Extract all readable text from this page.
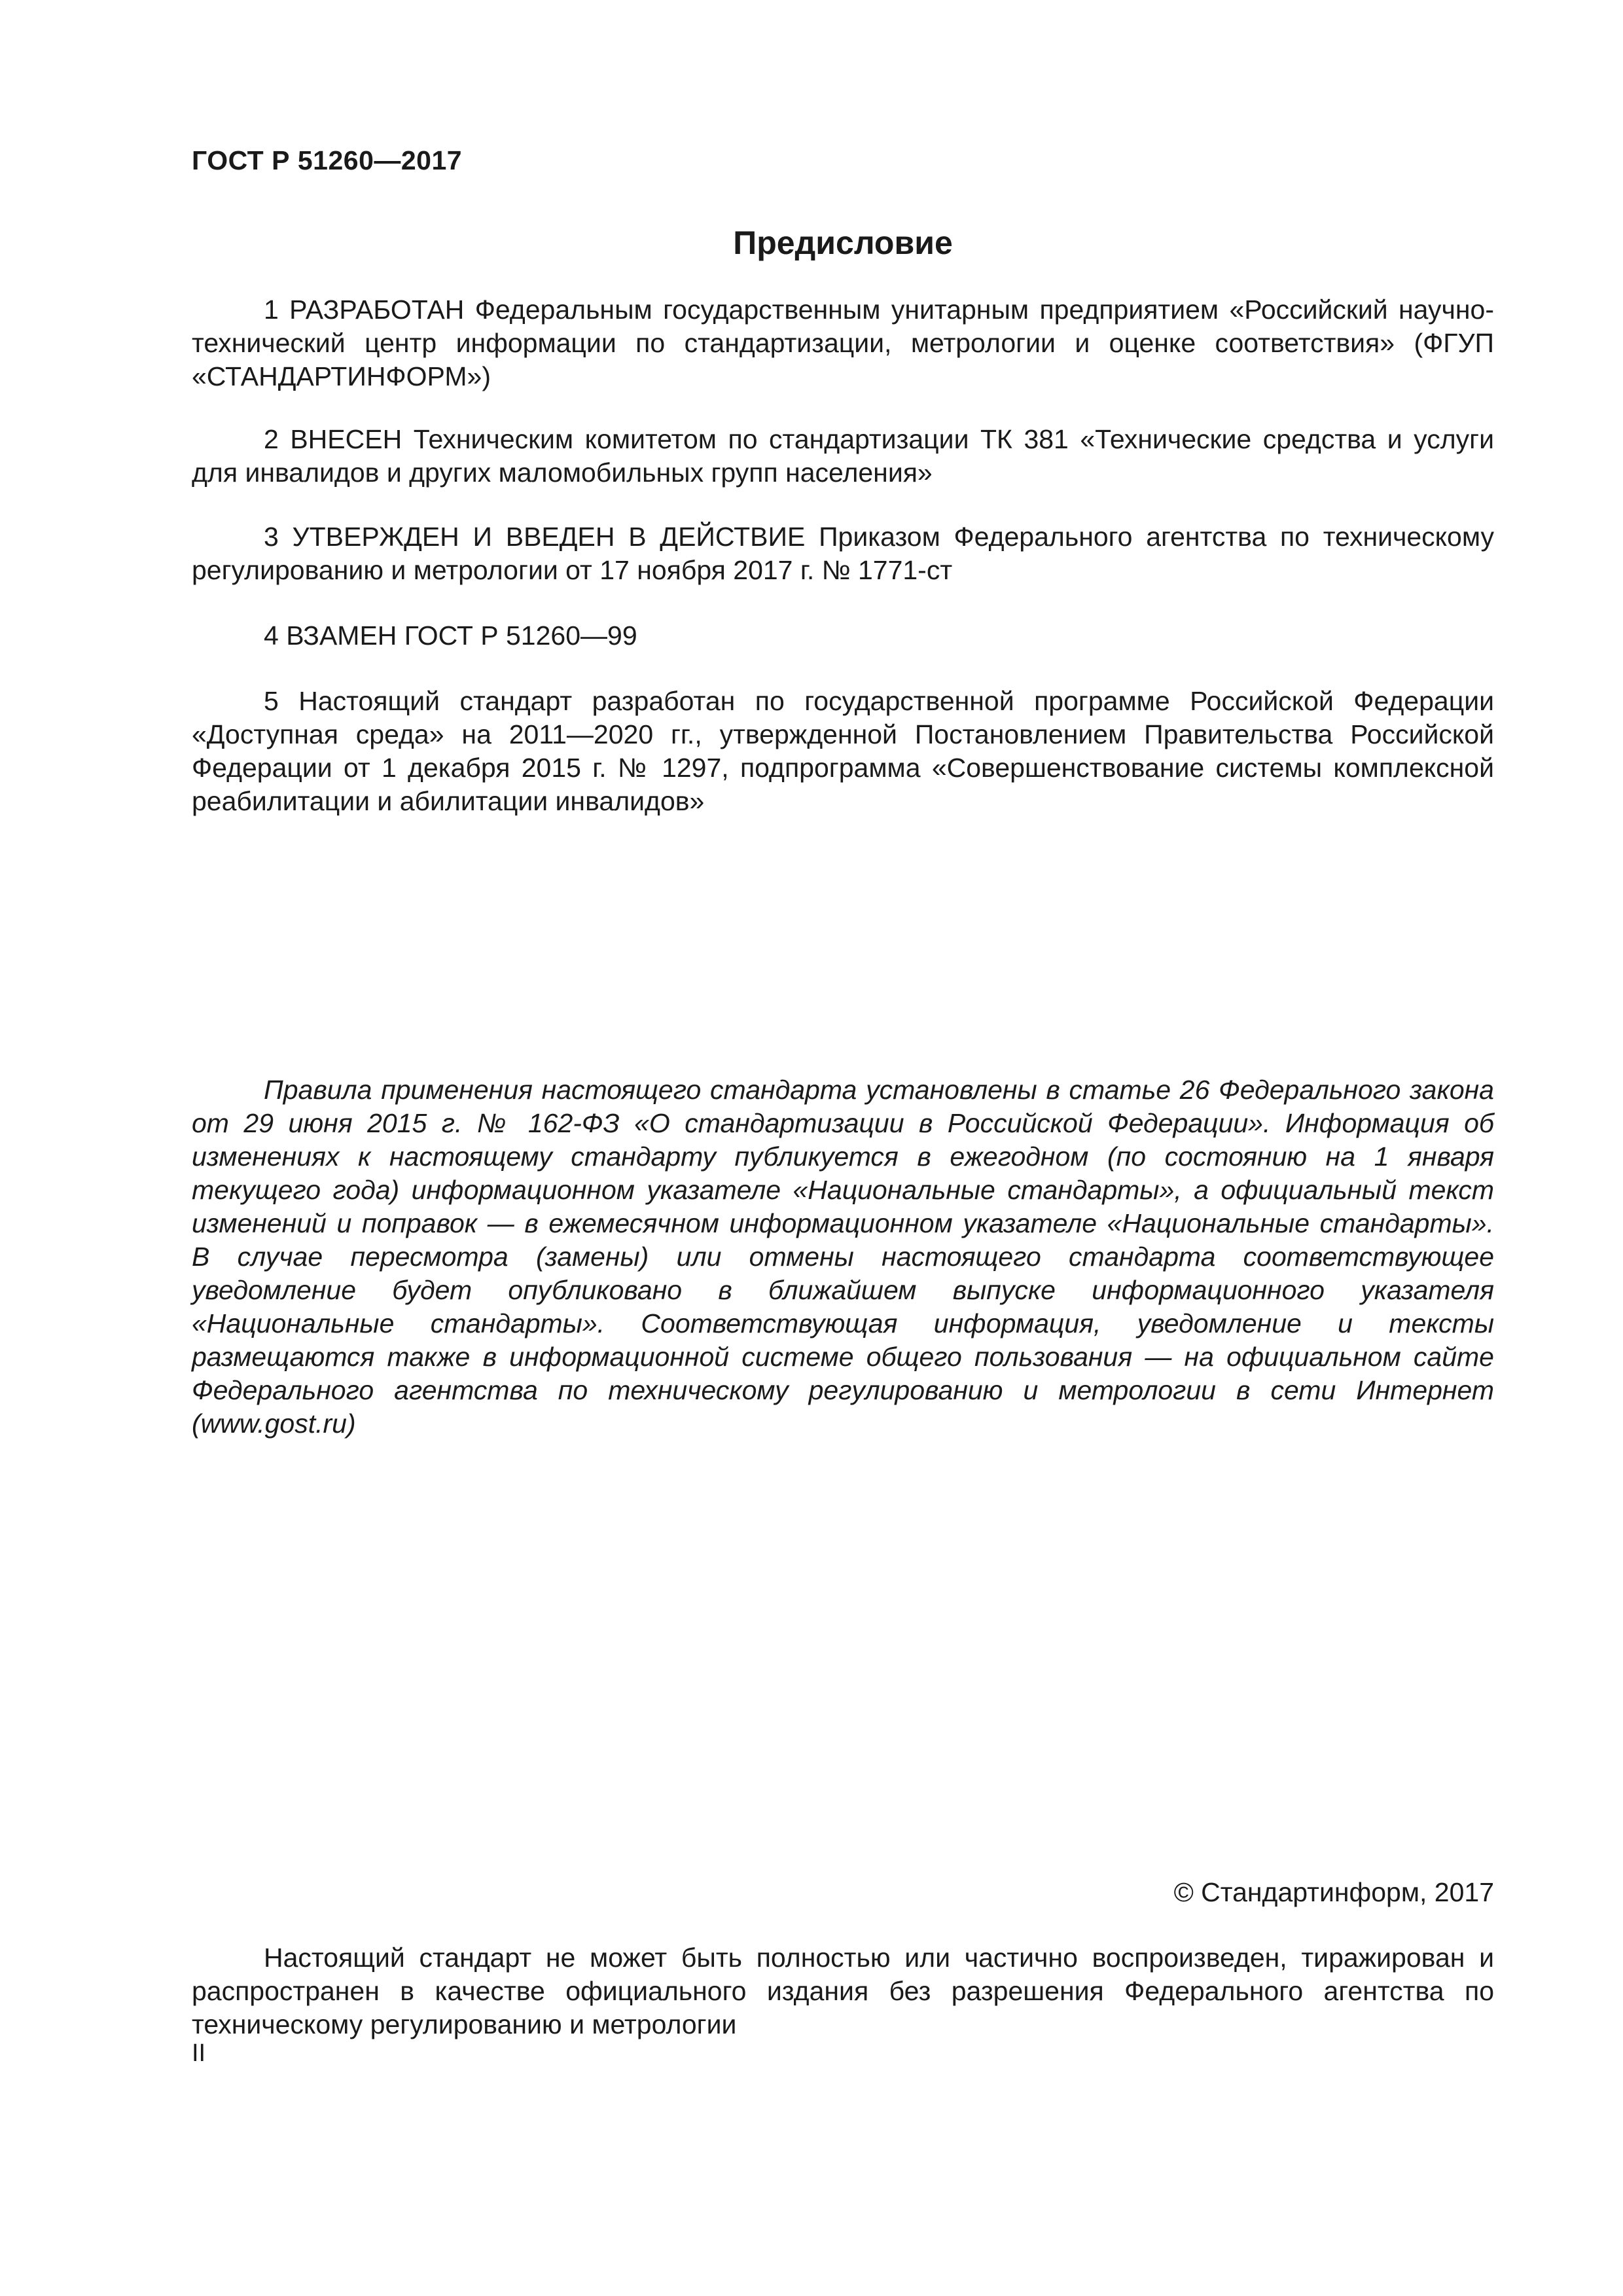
ГОСТ Р 51260—2017
Предисловие

1 РАЗРАБОТАН Федеральным государственным унитарным предприятием «Российский научно-технический центр информации по стандартизации, метрологии и оценке соответствия» (ФГУП «СТАНДАРТИНФОРМ»)

2 ВНЕСЕН Техническим комитетом по стандартизации ТК 381 «Технические средства и услуги для инвалидов и других маломобильных групп населения»

3 УТВЕРЖДЕН И ВВЕДЕН В ДЕЙСТВИЕ Приказом Федерального агентства по техническому регулированию и метрологии от 17 ноября 2017 г. № 1771-ст

4 ВЗАМЕН ГОСТ Р 51260—99

5 Настоящий стандарт разработан по государственной программе Российской Федерации «Доступная среда» на 2011—2020 гг., утвержденной Постановлением Правительства Российской Федерации от 1 декабря 2015 г. № 1297, подпрограмма «Совершенствование системы комплексной реабилитации и абилитации инвалидов»

Правила применения настоящего стандарта установлены в статье 26 Федерального закона от 29 июня 2015 г. № 162-ФЗ «О стандартизации в Российской Федерации». Информация об изменениях к настоящему стандарту публикуется в ежегодном (по состоянию на 1 января текущего года) информационном указателе «Национальные стандарты», а официальный текст изменений и поправок — в ежемесячном информационном указателе «Национальные стандарты». В случае пересмотра (замены) или отмены настоящего стандарта соответствующее уведомление будет опубликовано в ближайшем выпуске информационного указателя «Национальные стандарты». Соответствующая информация, уведомление и тексты размещаются также в информационной системе общего пользования — на официальном сайте Федерального агентства по техническому регулированию и метрологии в сети Интернет (www.gost.ru)

© Стандартинформ, 2017

Настоящий стандарт не может быть полностью или частично воспроизведен, тиражирован и распространен в качестве официального издания без разрешения Федерального агентства по техническому регулированию и метрологии

II
